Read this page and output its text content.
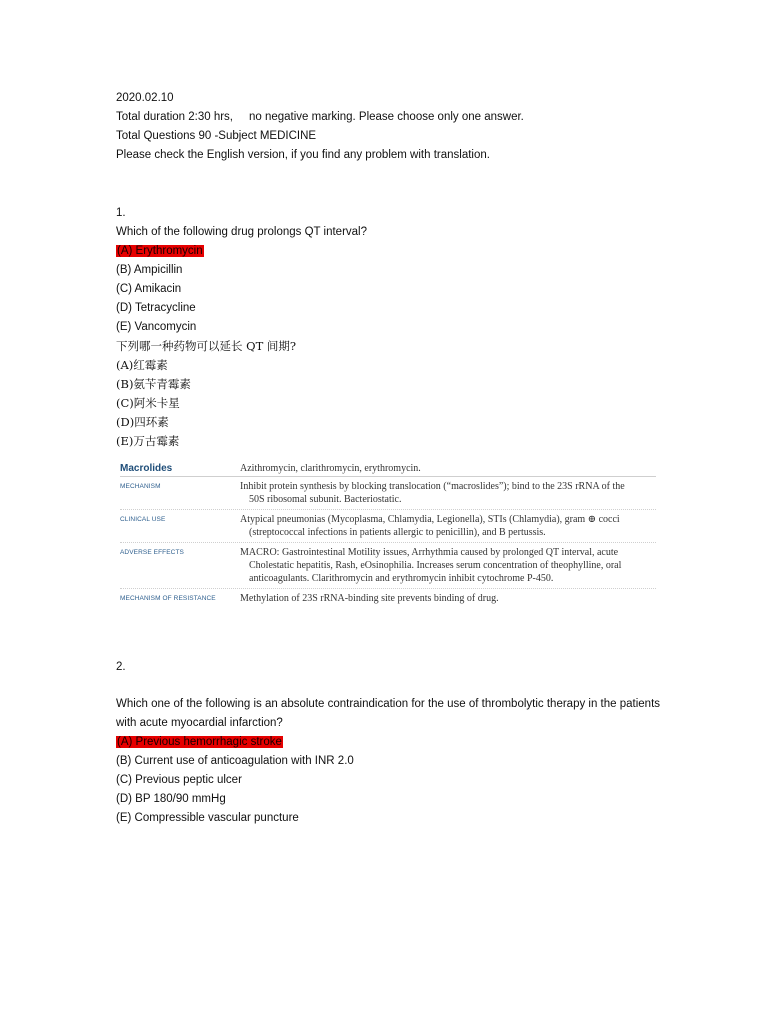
2020.02.10
Total duration 2:30 hrs,     no negative marking. Please choose only one answer.
Total Questions 90 -Subject MEDICINE
Please check the English version, if you find any problem with translation.
1.
Which of the following drug prolongs QT interval?
(A) Erythromycin
(B) Ampicillin
(C) Amikacin
(D) Tetracycline
(E) Vancomycin
下列哪一种药物可以延长 QT 间期?
(A)红霉素
(B)氨苄青霉素
(C)阿米卡星
(D)四环素
(E)万古霉素
Macrolides	Azithromycin, clarithromycin, erythromycin.
MECHANISM	Inhibit protein synthesis by blocking translocation (“macroslides”); bind to the 23S rRNA of the
50S ribosomal subunit. Bacteriostatic.
CLINICAL USE	Atypical pneumonias (Mycoplasma, Chlamydia, Legionella), STIs (Chlamydia), gram ⊕ cocci
(streptococcal infections in patients allergic to penicillin), and B pertussis.
ADVERSE EFFECTS	MACRO: Gastrointestinal Motility issues, Arrhythmia caused by prolonged QT interval, acute
Cholestatic hepatitis, Rash, eOsinophilia. Increases serum concentration of theophylline, oral
anticoagulants. Clarithromycin and erythromycin inhibit cytochrome P-450.
MECHANISM OF RESISTANCE	Methylation of 23S rRNA-binding site prevents binding of drug.
2.
Which one of the following is an absolute contraindication for the use of thrombolytic therapy in the patients with acute myocardial infarction?
(A) Previous hemorrhagic stroke
(B) Current use of anticoagulation with INR 2.0
(C) Previous peptic ulcer
(D) BP 180/90 mmHg
(E) Compressible vascular puncture
